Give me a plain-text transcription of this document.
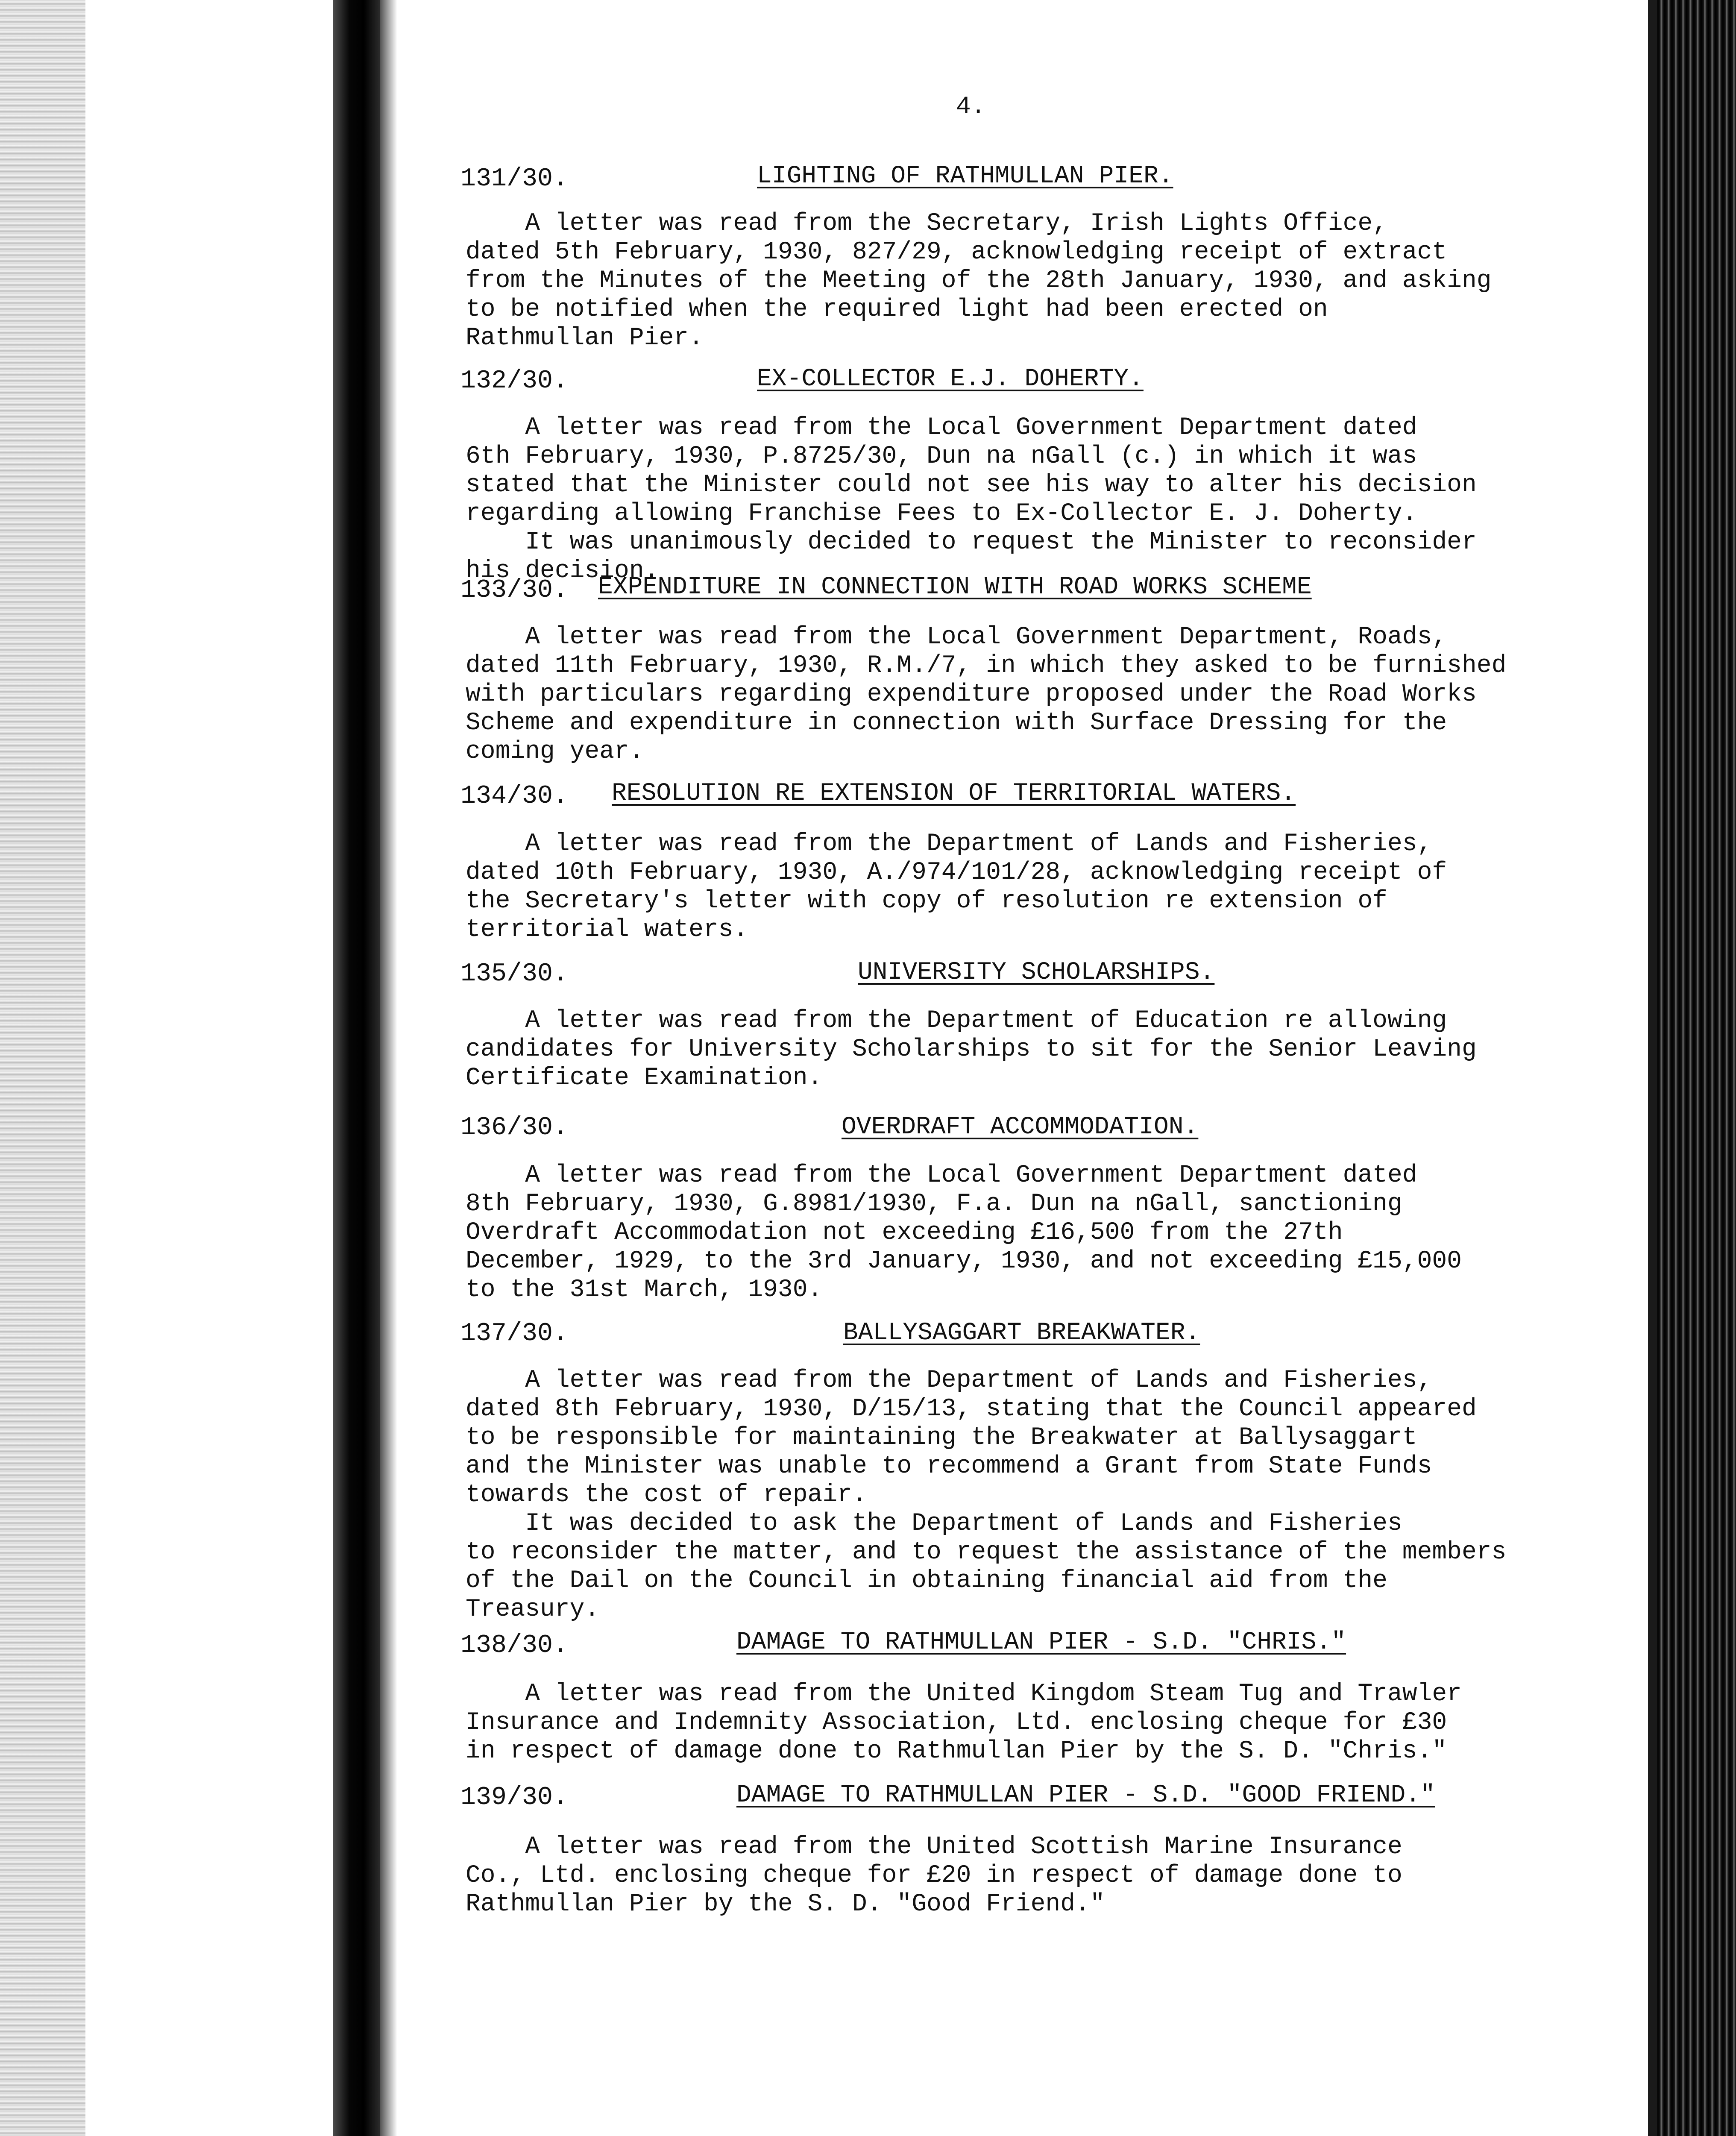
4.
131/30.	LIGHTING OF RATHMULLAN PIER.
A letter was read from the Secretary, Irish Lights Office,
dated 5th February, 1930, 827/29, acknowledging receipt of extract
from the Minutes of the Meeting of the 28th January, 1930, and asking
to be notified when the required light had been erected on
Rathmullan Pier.
132/30.	EX-COLLECTOR E.J. DOHERTY.
A letter was read from the Local Government Department dated
6th February, 1930, P.8725/30, Dun na nGall (c.) in which it was
stated that the Minister could not see his way to alter his decision
regarding allowing Franchise Fees to Ex-Collector E. J. Doherty.
It was unanimously decided to request the Minister to reconsider
his decision.
133/30. EXPENDITURE IN CONNECTION WITH ROAD WORKS SCHEME
A letter was read from the Local Government Department, Roads,
dated 11th February, 1930, R.M./7, in which they asked to be furnished
with particulars regarding expenditure proposed under the Road Works
Scheme and expenditure in connection with Surface Dressing for the
coming year.
134/30. RESOLUTION RE EXTENSION OF TERRITORIAL WATERS.
A letter was read from the Department of Lands and Fisheries,
dated 10th February, 1930, A./974/101/28, acknowledging receipt of
the Secretary's letter with copy of resolution re extension of
territorial waters.
135/30.	UNIVERSITY SCHOLARSHIPS.
A letter was read from the Department of Education re allowing
candidates for University Scholarships to sit for the Senior Leaving
Certificate Examination.
136/30.	OVERDRAFT ACCOMMODATION.
A letter was read from the Local Government Department dated
8th February, 1930, G.8981/1930, F.a. Dun na nGall, sanctioning
Overdraft Accommodation not exceeding £16,500 from the 27th
December, 1929, to the 3rd January, 1930, and not exceeding £15,000
to the 31st March, 1930.
137/30.	BALLYSAGGART BREAKWATER.
A letter was read from the Department of Lands and Fisheries,
dated 8th February, 1930, D/15/13, stating that the Council appeared
to be responsible for maintaining the Breakwater at Ballysaggart
and the Minister was unable to recommend a Grant from State Funds
towards the cost of repair.
It was decided to ask the Department of Lands and Fisheries
to reconsider the matter, and to request the assistance of the members
of the Dail on the Council in obtaining financial aid from the
Treasury.
138/30.	DAMAGE TO RATHMULLAN PIER - S.D. "CHRIS."
A letter was read from the United Kingdom Steam Tug and Trawler
Insurance and Indemnity Association, Ltd. enclosing cheque for £30
in respect of damage done to Rathmullan Pier by the S. D. "Chris."
139/30.	DAMAGE TO RATHMULLAN PIER - S.D. "GOOD FRIEND."
A letter was read from the United Scottish Marine Insurance
Co., Ltd. enclosing cheque for £20 in respect of damage done to
Rathmullan Pier by the S. D. "Good Friend."
